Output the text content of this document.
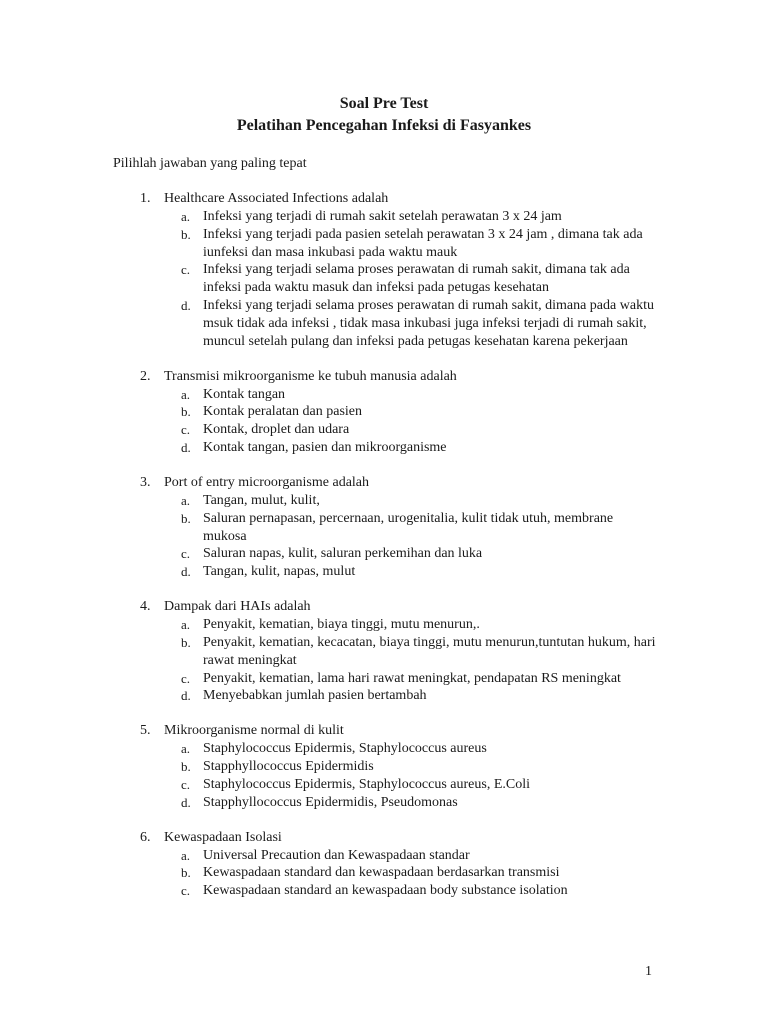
Soal Pre Test
Pelatihan Pencegahan Infeksi di Fasyankes
Pilihlah jawaban yang paling tepat
1. Healthcare Associated Infections adalah
a. Infeksi yang terjadi di rumah sakit setelah perawatan 3 x 24 jam
b. Infeksi yang terjadi pada pasien setelah perawatan 3 x 24 jam , dimana tak ada iunfeksi dan masa inkubasi pada waktu mauk
c. Infeksi yang terjadi selama proses perawatan di rumah sakit, dimana tak ada infeksi pada waktu masuk dan infeksi pada petugas kesehatan
d. Infeksi yang terjadi selama proses perawatan di rumah sakit, dimana pada waktu msuk tidak ada infeksi , tidak masa inkubasi juga infeksi terjadi di rumah sakit, muncul setelah pulang dan infeksi pada petugas kesehatan karena pekerjaan
2. Transmisi mikroorganisme ke tubuh manusia adalah
a. Kontak tangan
b. Kontak peralatan dan pasien
c. Kontak, droplet dan udara
d. Kontak tangan, pasien dan mikroorganisme
3. Port of entry microorganisme adalah
a. Tangan, mulut, kulit,
b. Saluran pernapasan, percernaan, urogenitalia, kulit tidak utuh, membrane mukosa
c. Saluran napas, kulit, saluran perkemihan dan luka
d. Tangan, kulit, napas, mulut
4. Dampak dari HAIs adalah
a. Penyakit, kematian, biaya tinggi, mutu menurun,.
b. Penyakit, kematian, kecacatan, biaya tinggi, mutu menurun,tuntutan hukum, hari rawat meningkat
c. Penyakit, kematian, lama hari rawat meningkat, pendapatan RS meningkat
d. Menyebabkan jumlah pasien bertambah
5. Mikroorganisme normal di kulit
a. Staphylococcus Epidermis, Staphylococcus aureus
b. Stapphyllococcus Epidermidis
c. Staphylococcus Epidermis, Staphylococcus aureus, E.Coli
d. Stapphyllococcus Epidermidis, Pseudomonas
6. Kewaspadaan Isolasi
a. Universal Precaution dan Kewaspadaan standar
b. Kewaspadaan standard dan kewaspadaan berdasarkan transmisi
c. Kewaspadaan standard an kewaspadaan body substance isolation
1
